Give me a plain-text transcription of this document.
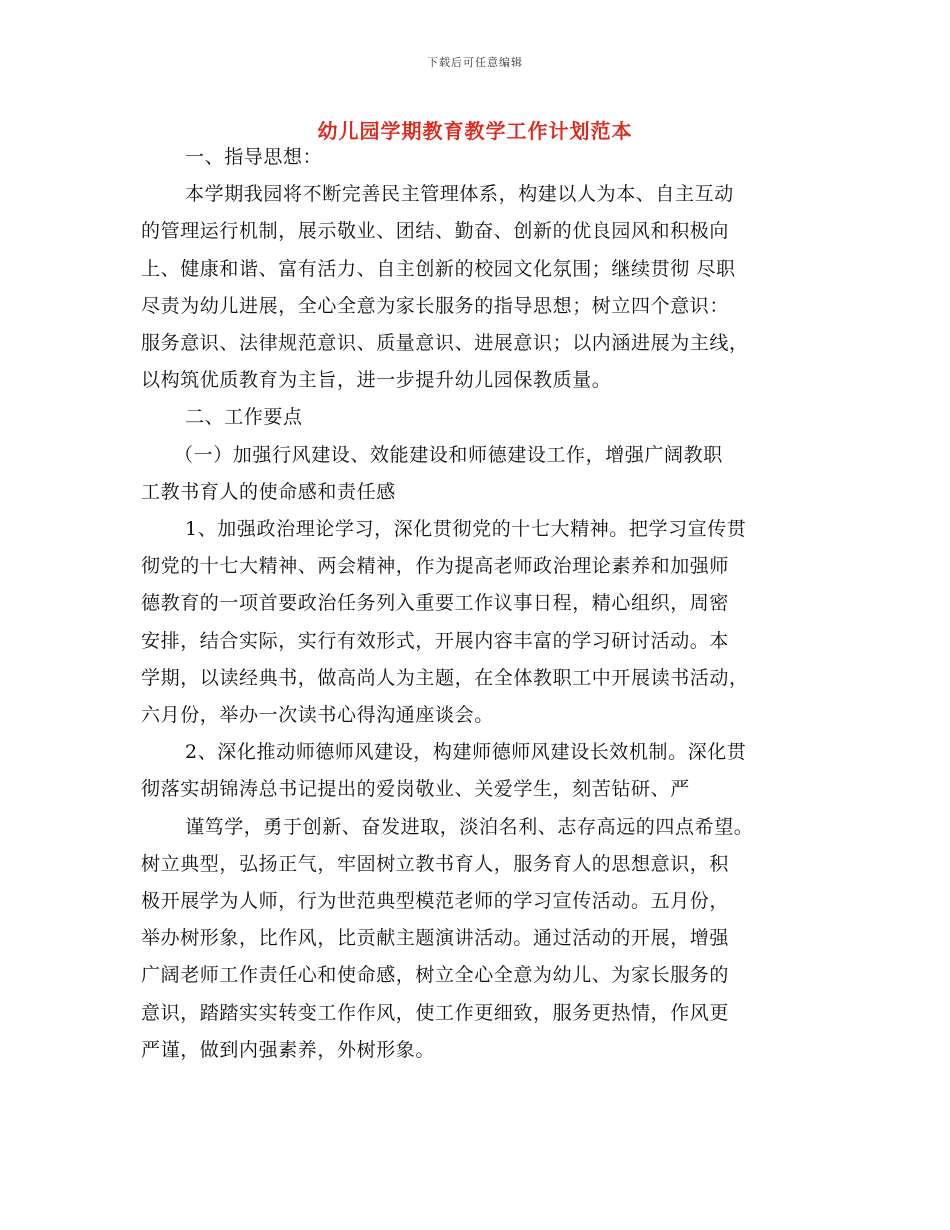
下载后可任意编辑
幼儿园学期教育教学工作计划范本

一、指导思想：

本学期我园将不断完善民主管理体系，构建以人为本、自主互动

的管理运行机制，展示敬业、团结、勤奋、创新的优良园风和积极向

上、健康和谐、富有活力、自主创新的校园文化氛围；继续贯彻 尽职

尽责为幼儿进展，全心全意为家长服务的指导思想；树立四个意识：

服务意识、法律规范意识、质量意识、进展意识；以内涵进展为主线，

以构筑优质教育为主旨，进一步提升幼儿园保教质量。

二、工作要点

（一）加强行风建设、效能建设和师德建设工作，增强广阔教职

工教书育人的使命感和责任感

1、加强政治理论学习，深化贯彻党的十七大精神。把学习宣传贯

彻党的十七大精神、两会精神，作为提高老师政治理论素养和加强师

德教育的一项首要政治任务列入重要工作议事日程，精心组织，周密

安排，结合实际，实行有效形式，开展内容丰富的学习研讨活动。本

学期，以读经典书，做高尚人为主题，在全体教职工中开展读书活动，

六月份，举办一次读书心得沟通座谈会。

2、深化推动师德师风建设，构建师德师风建设长效机制。深化贯

彻落实胡锦涛总书记提出的爱岗敬业、关爱学生，刻苦钻研、严

谨笃学，勇于创新、奋发进取，淡泊名利、志存高远的四点希望。

树立典型，弘扬正气，牢固树立教书育人，服务育人的思想意识，积

极开展学为人师，行为世范典型模范老师的学习宣传活动。五月份，

举办树形象，比作风，比贡献主题演讲活动。通过活动的开展，增强

广阔老师工作责任心和使命感，树立全心全意为幼儿、为家长服务的

意识，踏踏实实转变工作作风，使工作更细致，服务更热情，作风更

严谨，做到内强素养，外树形象。
